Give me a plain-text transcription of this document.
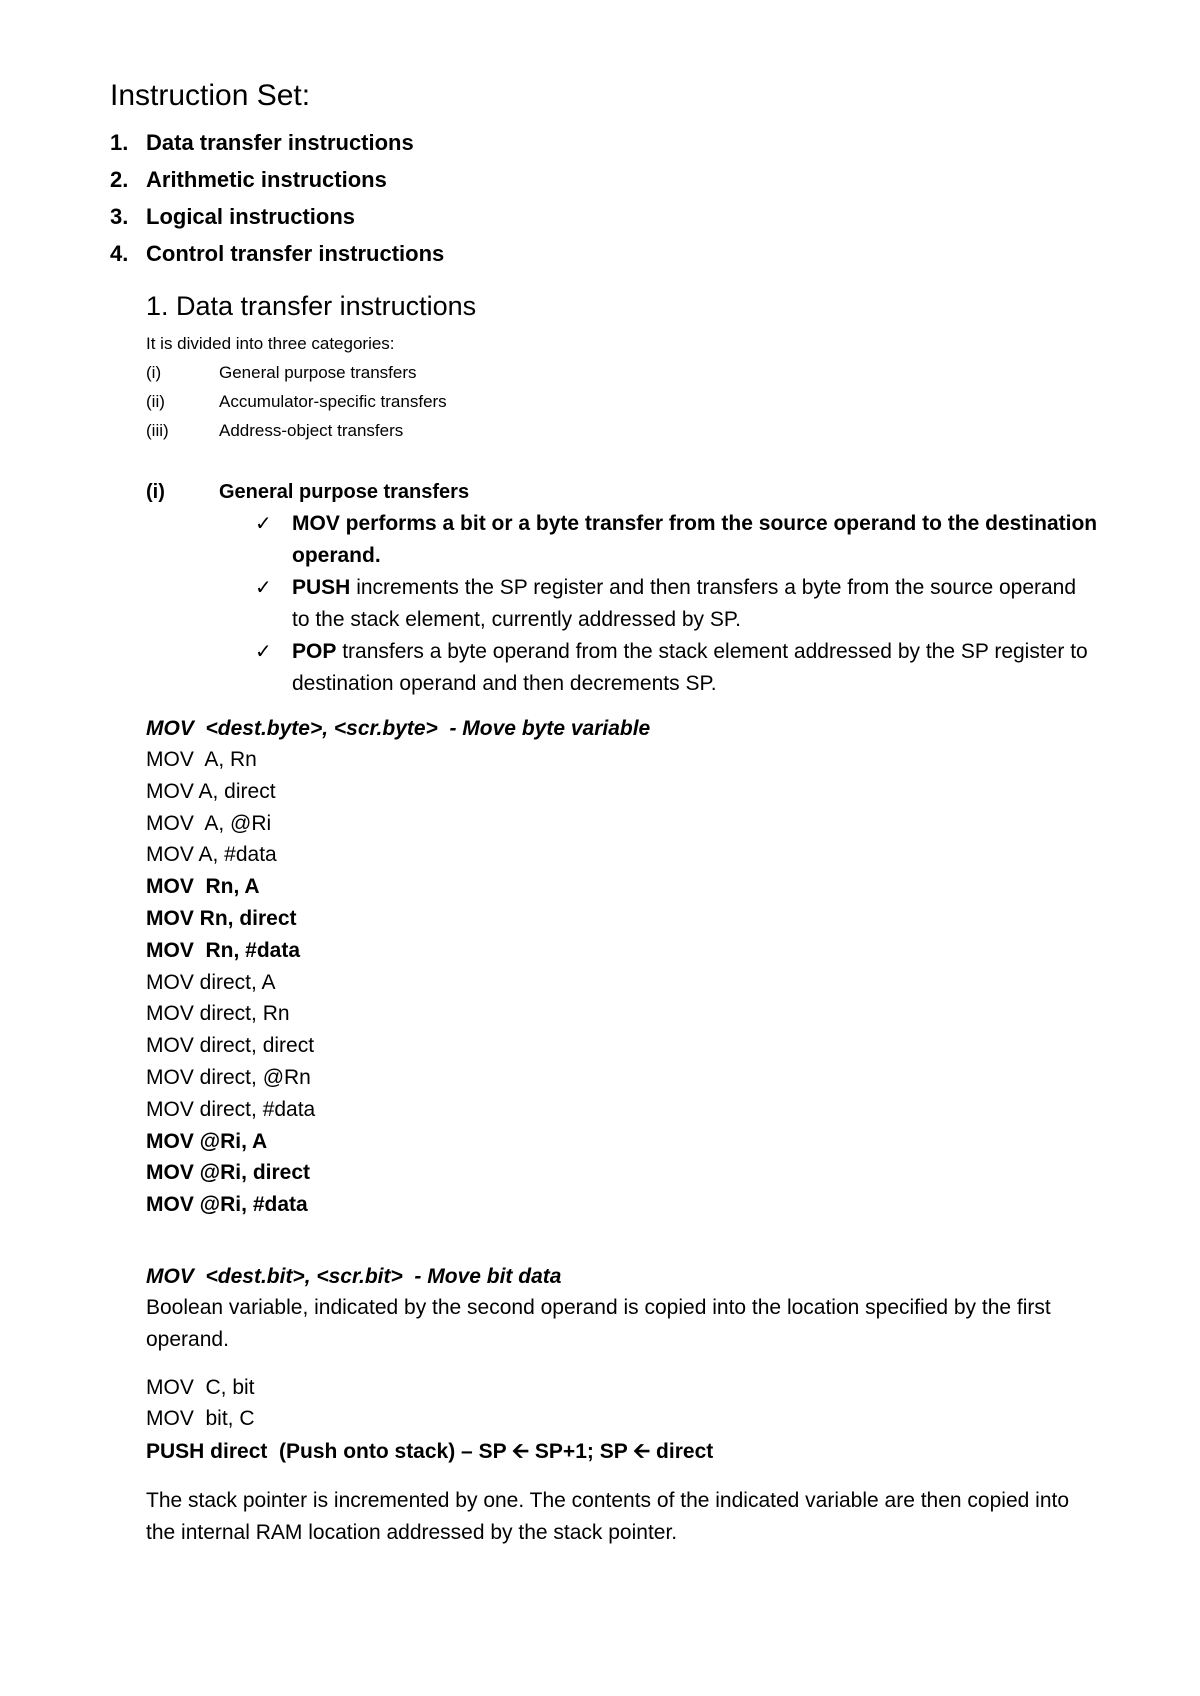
Instruction Set:
1. Data transfer instructions
2. Arithmetic instructions
3. Logical instructions
4. Control transfer instructions
1. Data transfer instructions
It is divided into three categories:
(i)	General purpose transfers
(ii)	Accumulator-specific transfers
(iii)	Address-object transfers
(i)	General purpose transfers
✓ MOV performs a bit or a byte transfer from the source operand to the destination
operand.
✓ PUSH increments the SP register and then transfers a byte from the source operand
to the stack element, currently addressed by SP.
✓ POP transfers a byte operand from the stack element addressed by the SP register to
destination operand and then decrements SP.
MOV  <dest.byte>, <scr.byte>  - Move byte variable
MOV  A, Rn
MOV A, direct
MOV  A, @Ri
MOV A, #data
MOV  Rn, A
MOV Rn, direct
MOV  Rn, #data
MOV direct, A
MOV direct, Rn
MOV direct, direct
MOV direct, @Rn
MOV direct, #data
MOV @Ri, A
MOV @Ri, direct
MOV @Ri, #data
MOV  <dest.bit>, <scr.bit>  - Move bit data
Boolean variable, indicated by the second operand is copied into the location specified by the first
operand.
MOV  C, bit
MOV  bit, C
PUSH direct  (Push onto stack) – SP 🡨 SP+1; SP 🡨 direct
The stack pointer is incremented by one. The contents of the indicated variable are then copied into
the internal RAM location addressed by the stack pointer.
